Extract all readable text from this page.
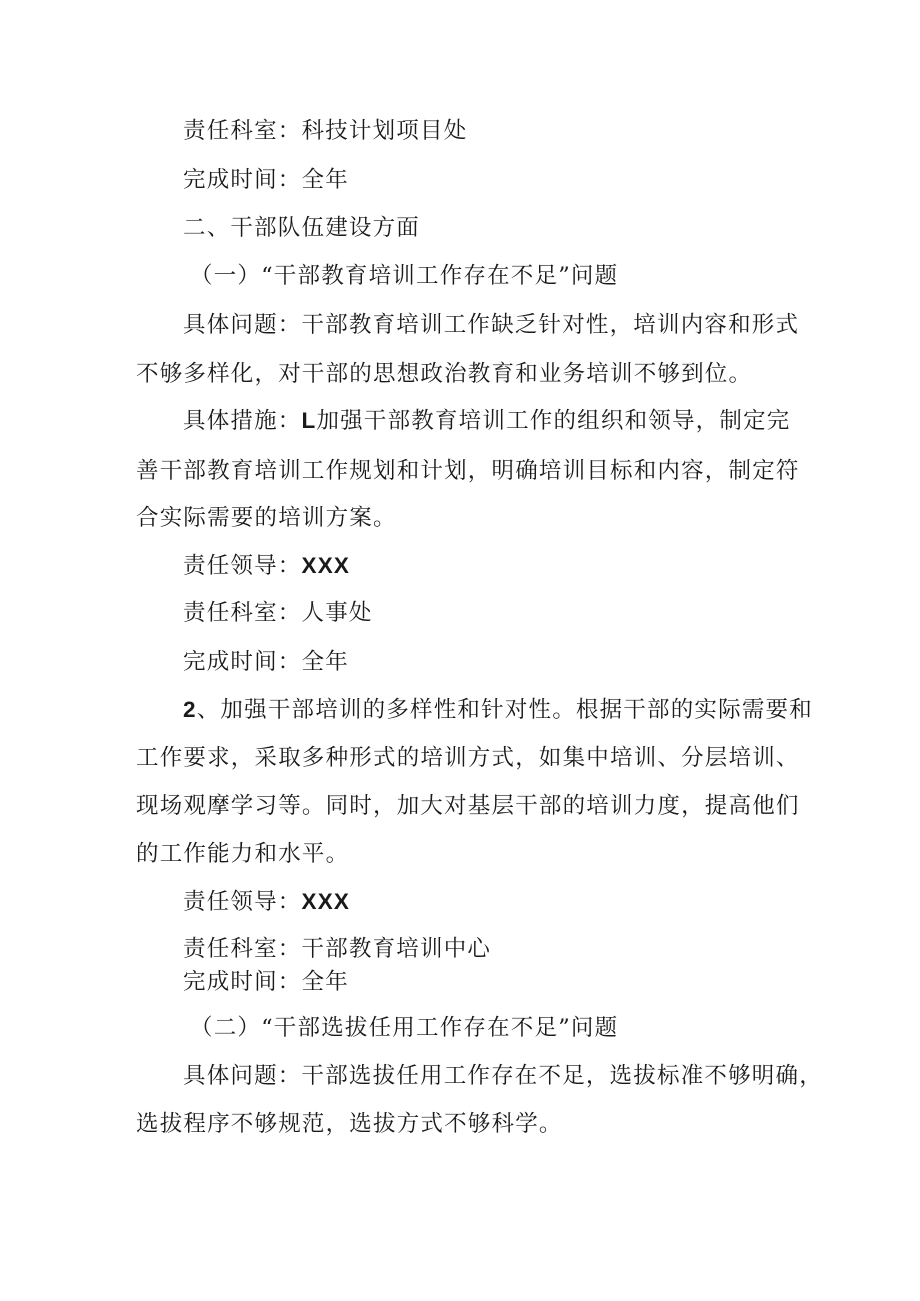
责任科室：科技计划项目处
完成时间：全年
二、干部队伍建设方面
（一）“干部教育培训工作存在不足”问题
具体问题：干部教育培训工作缺乏针对性，培训内容和形式
不够多样化，对干部的思想政治教育和业务培训不够到位。
具体措施：L加强干部教育培训工作的组织和领导，制定完
善干部教育培训工作规划和计划，明确培训目标和内容，制定符
合实际需要的培训方案。
责任领导：XXX
责任科室：人事处
完成时间：全年
2、加强干部培训的多样性和针对性。根据干部的实际需要和
工作要求，采取多种形式的培训方式，如集中培训、分层培训、
现场观摩学习等。同时，加大对基层干部的培训力度，提高他们
的工作能力和水平。
责任领导：XXX
责任科室：干部教育培训中心
完成时间：全年
（二）“干部选拔任用工作存在不足”问题
具体问题：干部选拔任用工作存在不足，选拔标准不够明确，
选拔程序不够规范，选拔方式不够科学。
